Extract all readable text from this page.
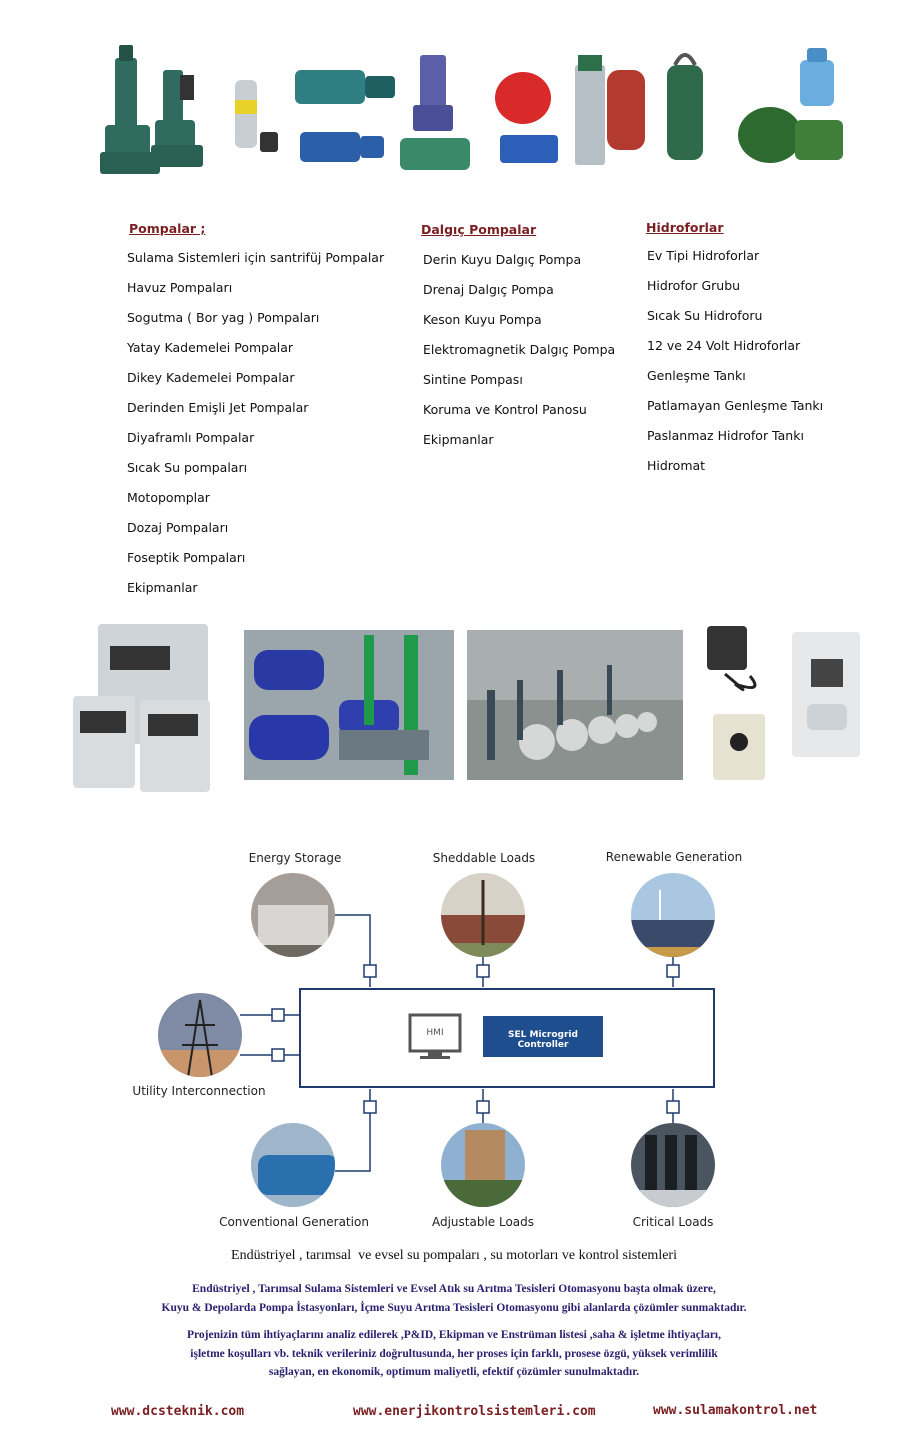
Pompalar ;
Sulama Sistemleri için santrifüj Pompalar
Havuz Pompaları
Sogutma ( Bor yag ) Pompaları
Yatay Kademelei Pompalar
Dikey Kademelei Pompalar
Derinden Emişli Jet Pompalar
Diyaframlı Pompalar
Sıcak Su pompaları
Motopomplar
Dozaj Pompaları
Foseptik Pompaları
Ekipmanlar
Dalgıç Pompalar
Derin Kuyu Dalgıç Pompa
Drenaj Dalgıç Pompa
Keson Kuyu Pompa
Elektromagnetik Dalgıç Pompa
Sintine Pompası
Koruma ve Kontrol Panosu
Ekipmanlar
Hidroforlar
Ev Tipi Hidroforlar
Hidrofor Grubu
Sıcak Su Hidroforu
12 ve 24 Volt Hidroforlar
Genleşme Tankı
Patlamayan Genleşme Tankı
Paslanmaz Hidrofor Tankı
Hidromat
Energy Storage	Sheddable Loads	Renewable Generation
Utility Interconnection
Conventional Generation	Adjustable Loads	Critical Loads
HMI	SEL Microgrid Controller
Endüstriyel , tarımsal  ve evsel su pompaları , su motorları ve kontrol sistemleri
Endüstriyel , Tarımsal Sulama Sistemleri ve Evsel Atık su Arıtma Tesisleri Otomasyonu başta olmak üzere,
Kuyu & Depolarda Pompa İstasyonları, İçme Suyu Arıtma Tesisleri Otomasyonu gibi alanlarda çözümler sunmaktadır.
Projenizin tüm ihtiyaçlarını analiz edilerek ,P&ID, Ekipman ve Enstrüman listesi ,saha & işletme ihtiyaçları,
işletme koşulları vb. teknik verileriniz doğrultusunda, her proses için farklı, prosese özgü, yüksek verimlilik
sağlayan, en ekonomik, optimum maliyetli, efektif çözümler sunulmaktadır.
www.dcsteknik.com	www.enerjikontrolsistemleri.com	www.sulamakontrol.net
